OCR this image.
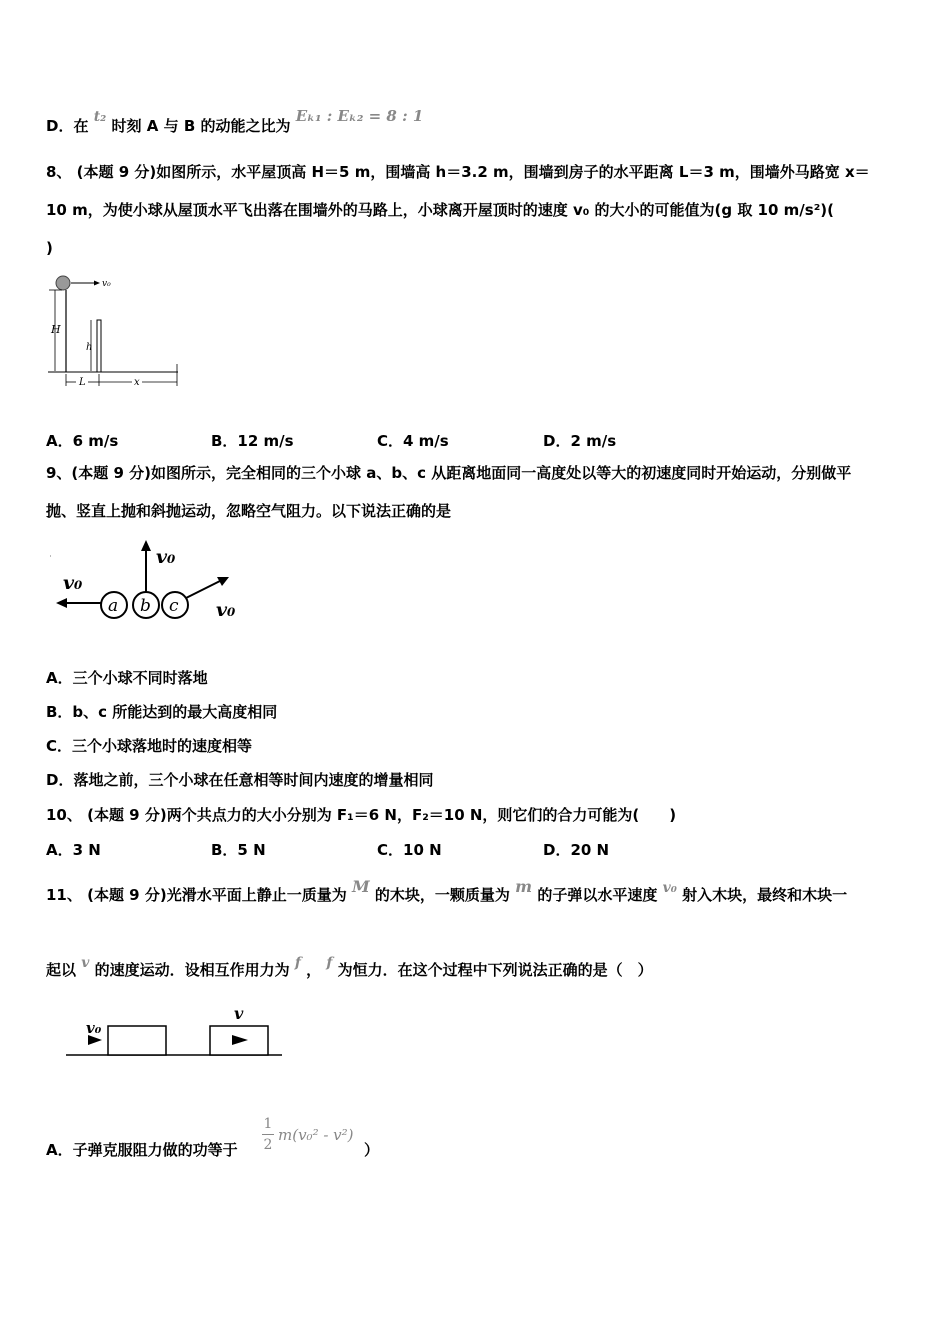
D．在 t₂ 时刻 A 与 B 的动能之比为 Eₖ₁ : Eₖ₂ = 8 : 1
8、 (本题 9 分)如图所示，水平屋顶高 H＝5 m，围墙高 h＝3.2 m，围墙到房子的水平距离 L＝3 m，围墙外马路宽 x＝
10 m，为使小球从屋顶水平飞出落在围墙外的马路上，小球离开屋顶时的速度 v₀ 的大小的可能值为(g 取 10 m/s²)(
)
v₀
H
h
L	x
A．6 m/s	B．12 m/s	C．4 m/s	D．2 m/s
9、(本题 9 分)如图所示，完全相同的三个小球 a、b、c 从距离地面同一高度处以等大的初速度同时开始运动，分别做平
抛、竖直上抛和斜抛运动，忽略空气阻力。以下说法正确的是
v₀
a b c
v₀
v₀
A．三个小球不同时落地
B．b、c 所能达到的最大高度相同
C．三个小球落地时的速度相等
D．落地之前，三个小球在任意相等时间内速度的增量相同
10、 (本题 9 分)两个共点力的大小分别为 F₁＝6 N，F₂＝10 N，则它们的合力可能为(　　)
A．3 N	B．5 N	C．10 N	D．20 N
11、 (本题 9 分)光滑水平面上静止一质量为 M 的木块，一颗质量为 m 的子弹以水平速度 v₀ 射入木块，最终和木块一
起以 v 的速度运动．设相互作用力为 f ， f 为恒力．在这个过程中下列说法正确的是（　）
v₀
v
A．子弹克服阻力做的功等于
1
2
m(v₀² - v²)
）
